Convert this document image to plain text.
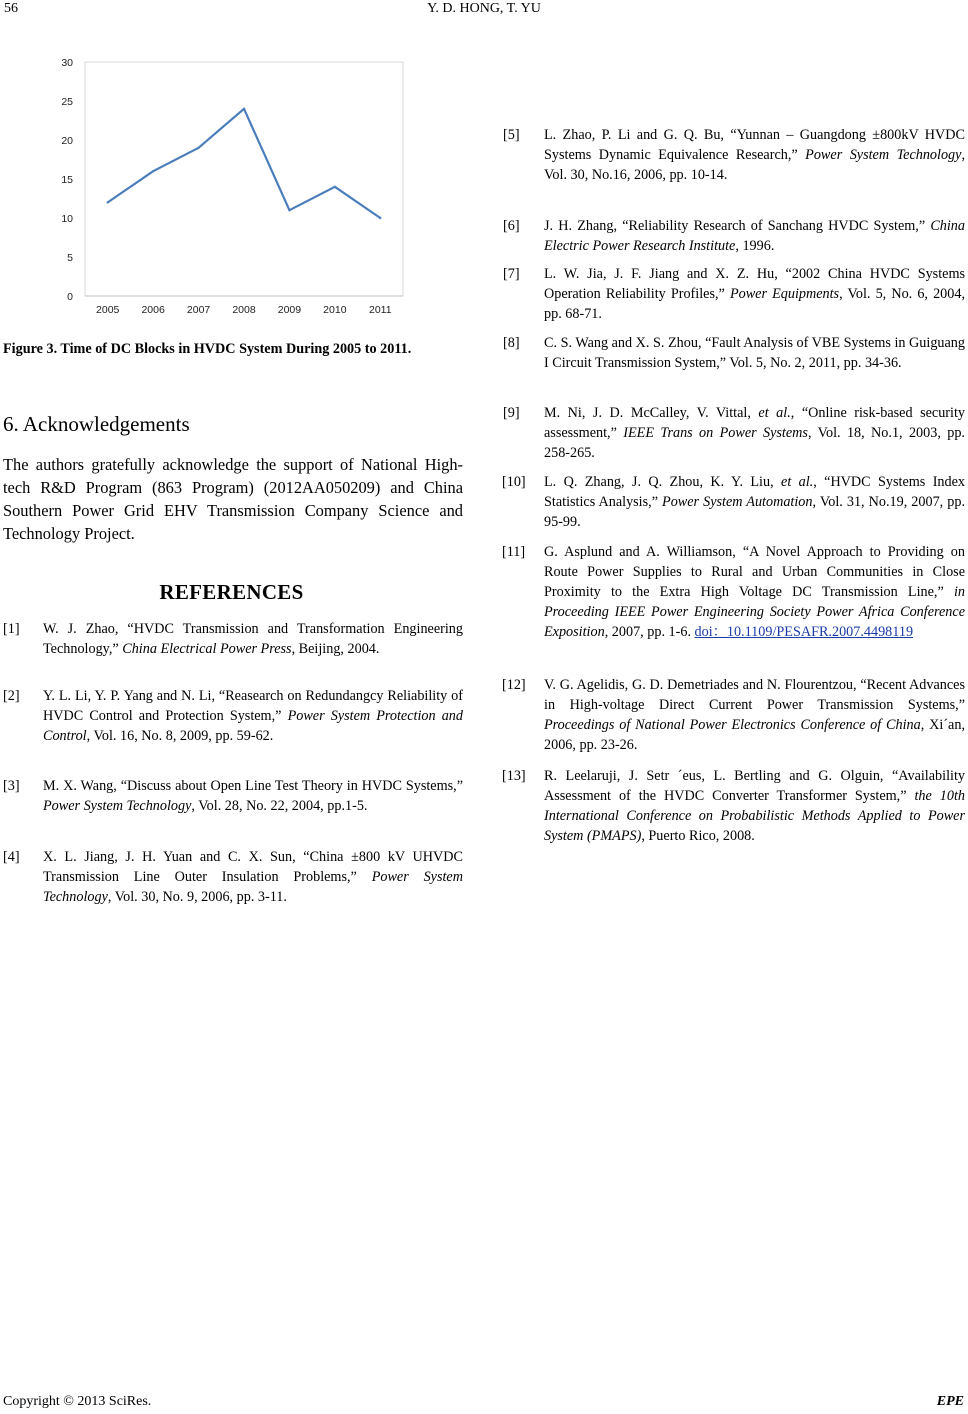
56	Y. D. HONG, T. YU
0
5
10
15
20
25
30
2005 2006 2007 2008 2009 2010 2011
Figure 3. Time of DC Blocks in HVDC System During 2005 to 2011.
6. Acknowledgements
The authors gratefully acknowledge the support of National High-tech R&D Program (863 Program) (2012AA050209) and China Southern Power Grid EHV Transmission Company Science and Technology Project.
REFERENCES
[1] W. J. Zhao, “HVDC Transmission and Transformation Engineering Technology,” China Electrical Power Press, Beijing, 2004.
[2] Y. L. Li, Y. P. Yang and N. Li, “Reasearch on Redundangcy Reliability of HVDC Control and Protection System,” Power System Protection and Control, Vol. 16, No. 8, 2009, pp. 59-62.
[3] M. X. Wang, “Discuss about Open Line Test Theory in HVDC Systems,” Power System Technology, Vol. 28, No. 22, 2004, pp.1-5.
[4] X. L. Jiang, J. H. Yuan and C. X. Sun, “China ±800 kV UHVDC Transmission Line Outer Insulation Problems,” Power System Technology, Vol. 30, No. 9, 2006, pp. 3-11.
[5] L. Zhao, P. Li and G. Q. Bu, “Yunnan – Guangdong ±800kV HVDC Systems Dynamic Equivalence Research,” Power System Technology, Vol. 30, No.16, 2006, pp. 10-14.
[6] J. H. Zhang, “Reliability Research of Sanchang HVDC System,” China Electric Power Research Institute, 1996.
[7] L. W. Jia, J. F. Jiang and X. Z. Hu, “2002 China HVDC Systems Operation Reliability Profiles,” Power Equipments, Vol. 5, No. 6, 2004, pp. 68-71.
[8] C. S. Wang and X. S. Zhou, “Fault Analysis of VBE Systems in Guiguang I Circuit Transmission System,” Vol. 5, No. 2, 2011, pp. 34-36.
[9] M. Ni, J. D. McCalley, V. Vittal, et al., “Online risk-based security assessment,” IEEE Trans on Power Systems, Vol. 18, No.1, 2003, pp. 258-265.
[10] L. Q. Zhang, J. Q. Zhou, K. Y. Liu, et al., “HVDC Systems Index Statistics Analysis,” Power System Automation, Vol. 31, No.19, 2007, pp. 95-99.
[11] G. Asplund and A. Williamson, “A Novel Approach to Providing on Route Power Supplies to Rural and Urban Communities in Close Proximity to the Extra High Voltage DC Transmission Line,” in Proceeding IEEE Power Engineering Society Power Africa Conference Exposition, 2007, pp. 1-6. doi：10.1109/PESAFR.2007.4498119
[12] V. G. Agelidis, G. D. Demetriades and N. Flourentzou, “Recent Advances in High-voltage Direct Current Power Transmission Systems,” Proceedings of National Power Electronics Conference of China, Xi´an, 2006, pp. 23-26.
[13] R. Leelaruji, J. Setr ´eus, L. Bertling and G. Olguin, “Availability Assessment of the HVDC Converter Transformer System,” the 10th International Conference on Probabilistic Methods Applied to Power System (PMAPS), Puerto Rico, 2008.
Copyright © 2013 SciRes.	EPE
